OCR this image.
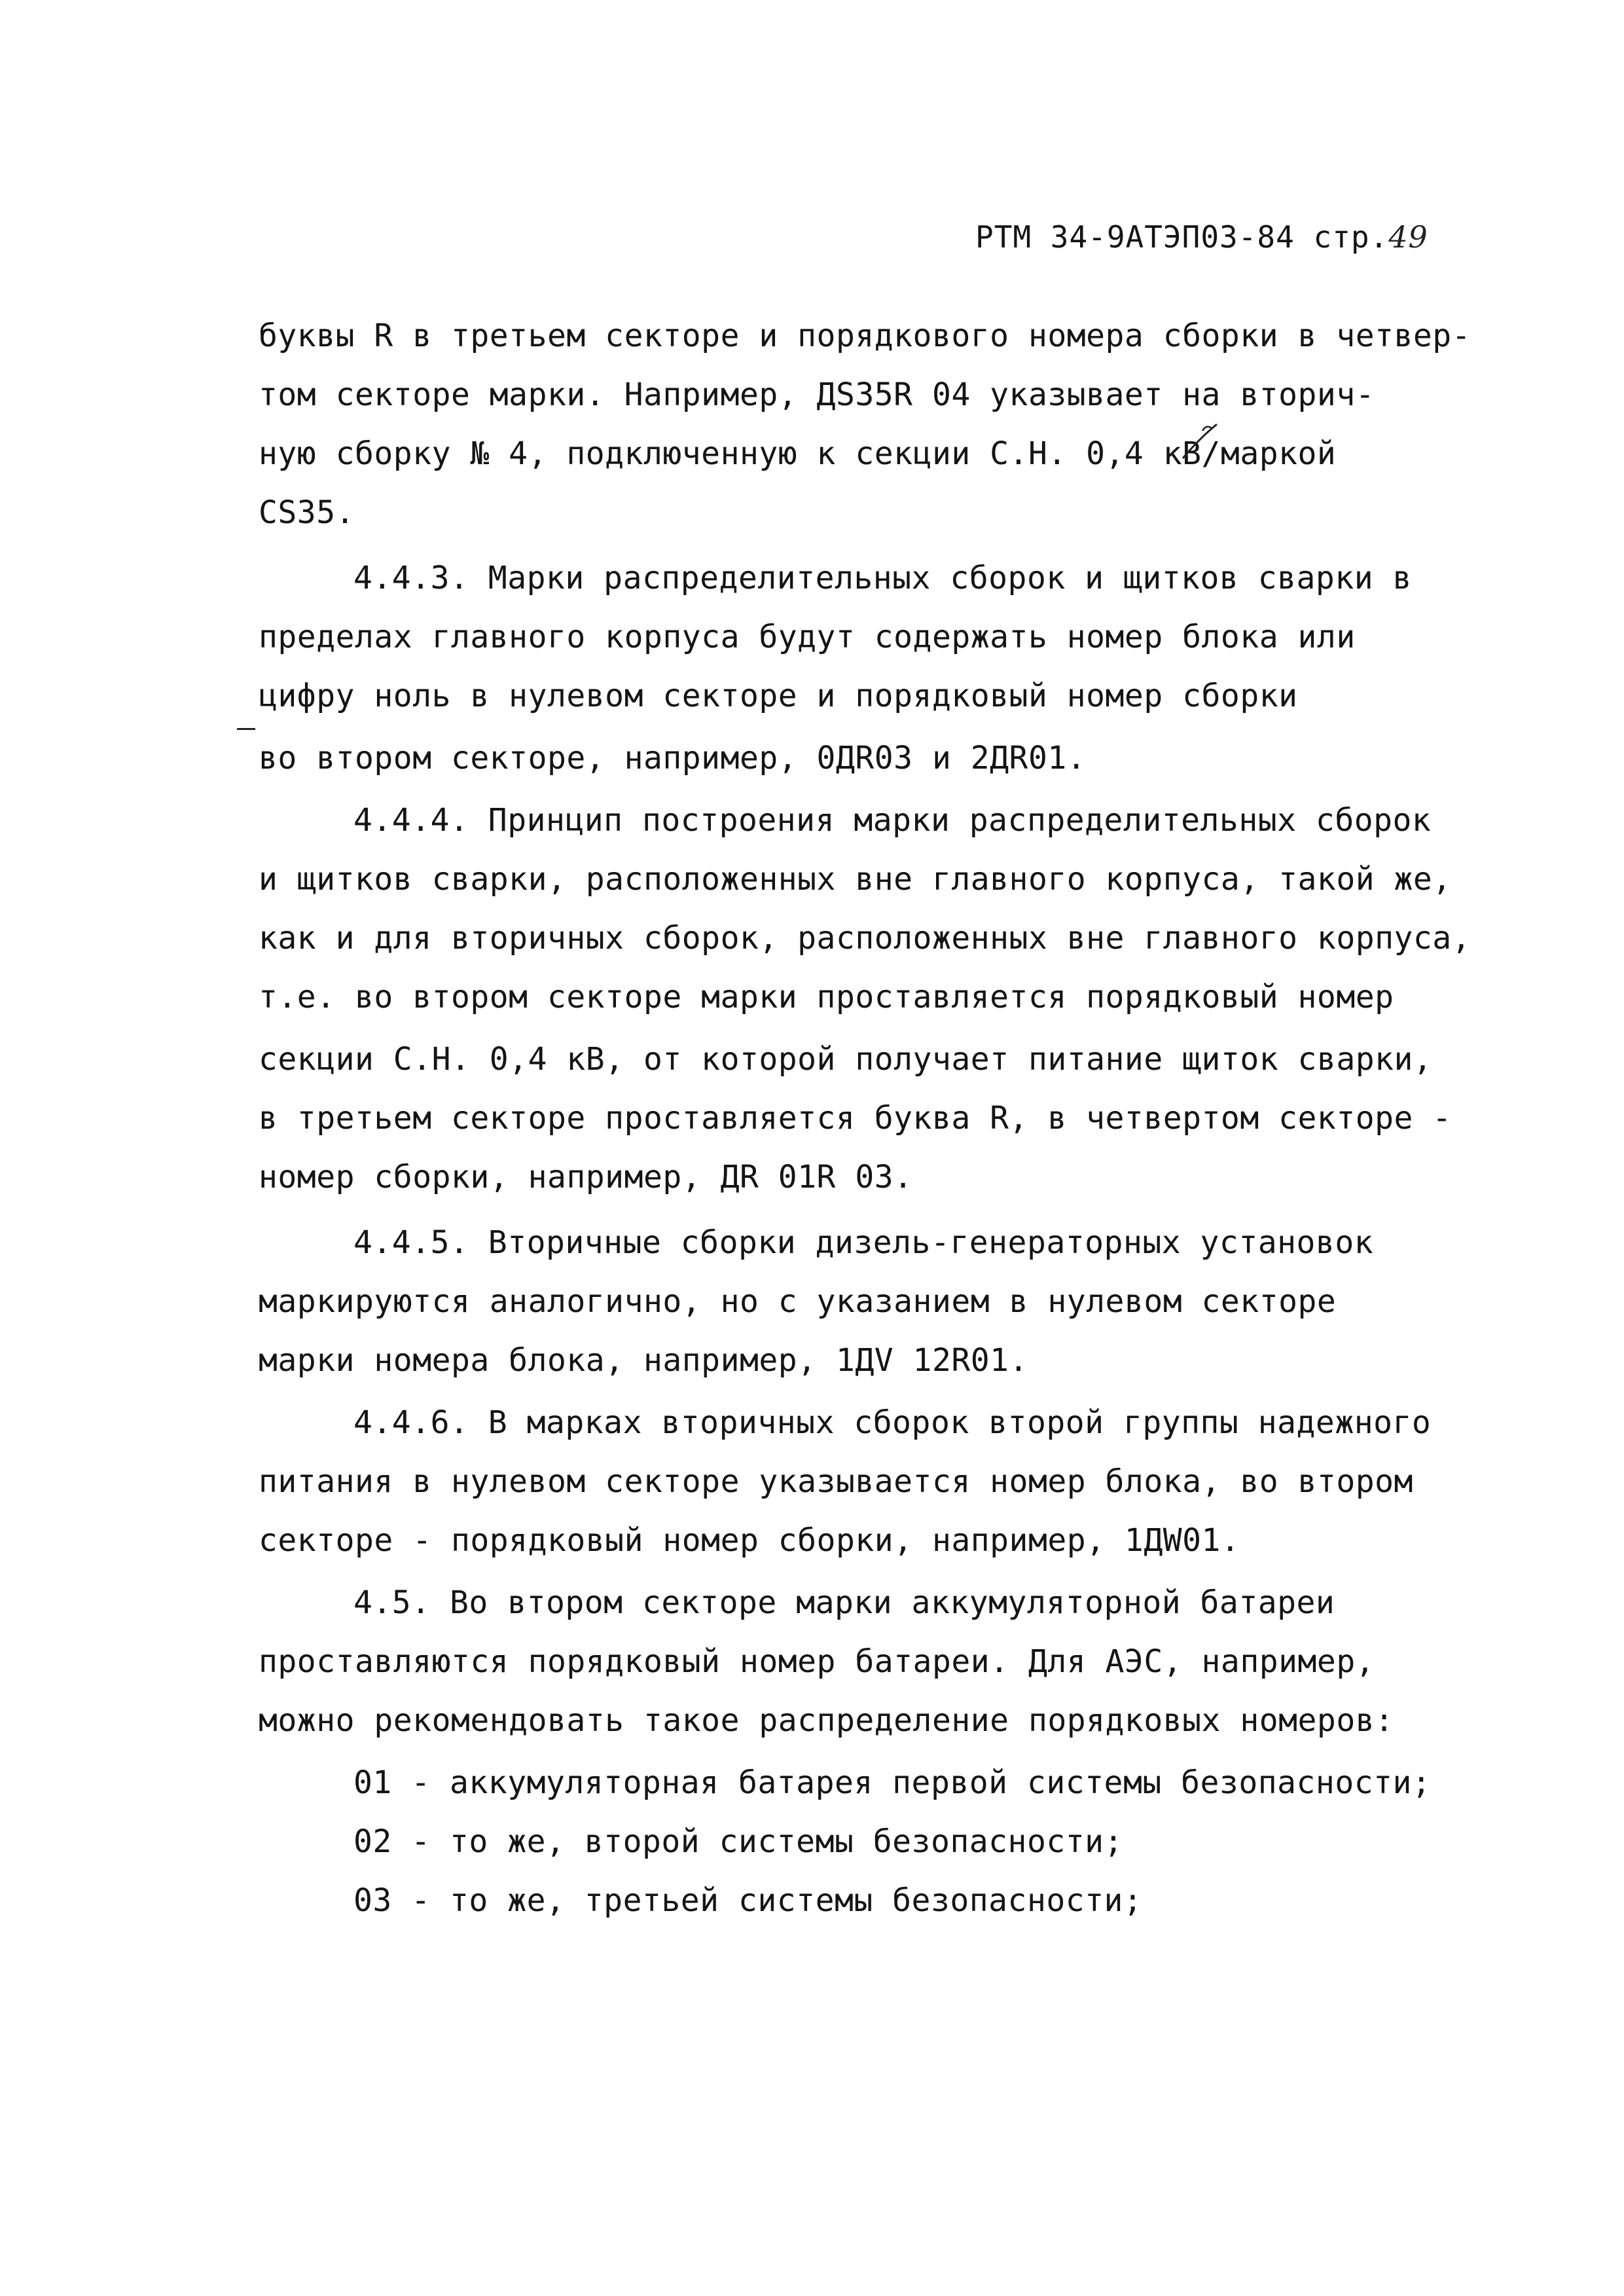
РТМ 34-9АТЭП03-84 стр.49
буквы R в третьем секторе и порядкового номера сборки в четвер-
том секторе марки. Например, ДS35R 04 указывает на вторич-
ную сборку № 4, подключенную к секции С.Н. 0,4 кВ/маркой
CS35.
4.4.3. Марки распределительных сборок и щитков сварки в
пределах главного корпуса будут содержать номер блока или
цифру ноль в нулевом секторе и порядковый номер сборки
во втором секторе, например, 0ДR03 и 2ДR01.
4.4.4. Принцип построения марки распределительных сборок
и щитков сварки, расположенных вне главного корпуса, такой же,
как и для вторичных сборок, расположенных вне главного корпуса,
т.е. во втором секторе марки проставляется порядковый номер
секции С.Н. 0,4 кВ, от которой получает питание щиток сварки,
в третьем секторе проставляется буква R, в четвертом секторе -
номер сборки, например, ДR 01R 03.
4.4.5. Вторичные сборки дизель-генераторных установок
маркируются аналогично, но с указанием в нулевом секторе
марки номера блока, например, 1ДV 12R01.
4.4.6. В марках вторичных сборок второй группы надежного
питания в нулевом секторе указывается номер блока, во втором
секторе - порядковый номер сборки, например, 1ДW01.
4.5. Во втором секторе марки аккумуляторной батареи
проставляются порядковый номер батареи. Для АЭС, например,
можно рекомендовать такое распределение порядковых номеров:
01 - аккумуляторная батарея первой системы безопасности;
02 - то же, второй системы безопасности;
03 - то же, третьей системы безопасности;
